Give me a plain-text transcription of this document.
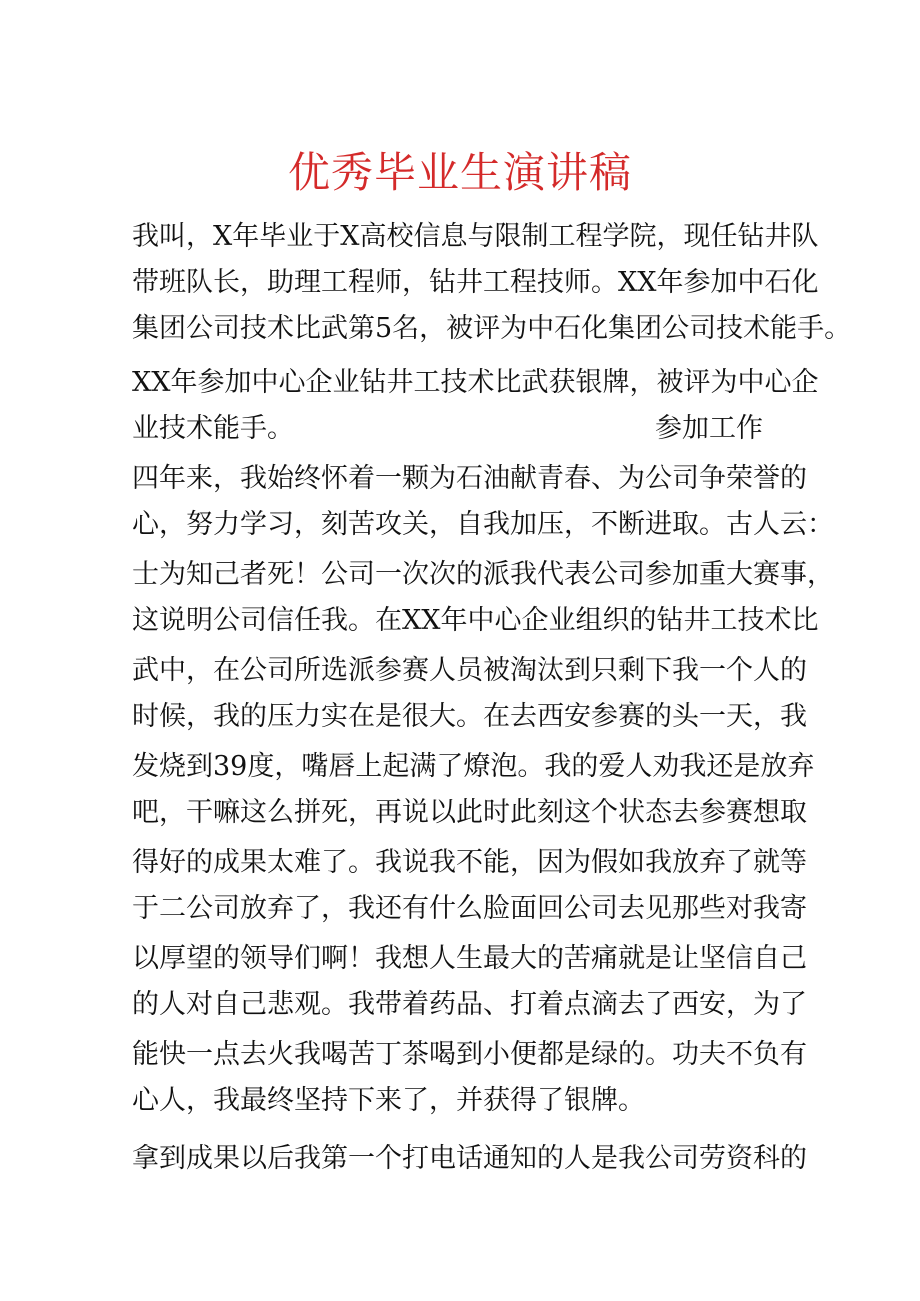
优秀毕业生演讲稿
我叫，X年毕业于X高校信息与限制工程学院，现任钻井队
带班队长，助理工程师，钻井工程技师。XX年参加中石化
集团公司技术比武第5名，被评为中石化集团公司技术能手。
XX年参加中心企业钻井工技术比武获银牌，被评为中心企
业技术能手。	参加工作
四年来，我始终怀着一颗为石油献青春、为公司争荣誉的
心，努力学习，刻苦攻关，自我加压，不断进取。古人云：
士为知己者死！公司一次次的派我代表公司参加重大赛事，
这说明公司信任我。在XX年中心企业组织的钻井工技术比
武中，在公司所选派参赛人员被淘汰到只剩下我一个人的
时候，我的压力实在是很大。在去西安参赛的头一天，我
发烧到39度，嘴唇上起满了燎泡。我的爱人劝我还是放弃
吧，干嘛这么拼死，再说以此时此刻这个状态去参赛想取
得好的成果太难了。我说我不能，因为假如我放弃了就等
于二公司放弃了，我还有什么脸面回公司去见那些对我寄
以厚望的领导们啊！我想人生最大的苦痛就是让坚信自己
的人对自己悲观。我带着药品、打着点滴去了西安，为了
能快一点去火我喝苦丁茶喝到小便都是绿的。功夫不负有
心人，我最终坚持下来了，并获得了银牌。
拿到成果以后我第一个打电话通知的人是我公司劳资科的
